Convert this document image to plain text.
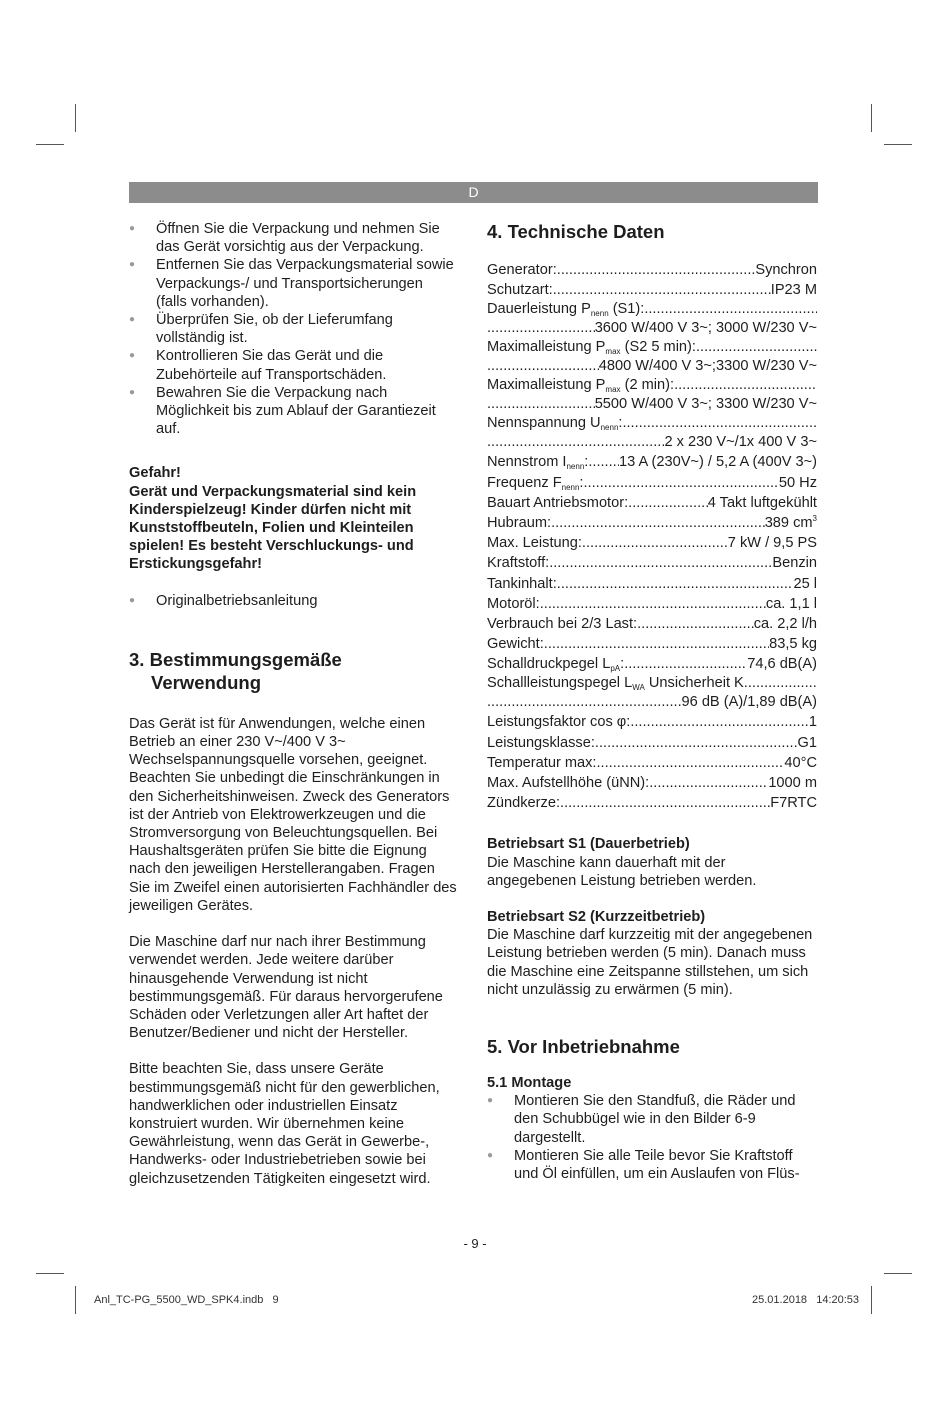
D
● Öffnen Sie die Verpackung und nehmen Sie das Gerät vorsichtig aus der Verpackung.
● Entfernen Sie das Verpackungsmaterial sowie Verpackungs-/ und Transportsicherungen (falls vorhanden).
● Überprüfen Sie, ob der Lieferumfang vollständig ist.
● Kontrollieren Sie das Gerät und die Zubehörteile auf Transportschäden.
● Bewahren Sie die Verpackung nach Möglichkeit bis zum Ablauf der Garantiezeit auf.

Gefahr!

Gerät und Verpackungsmaterial sind kein Kinderspielzeug! Kinder dürfen nicht mit Kunststoffbeuteln, Folien und Kleinteilen spielen! Es besteht Verschluckungs- und Erstickungsgefahr!

● Originalbetriebsanleitung
3. Bestimmungsgemäße
Verwendung

Das Gerät ist für Anwendungen, welche einen Betrieb an einer 230 V~/400 V 3~ Wechselspannungsquelle vorsehen, geeignet. Beachten Sie unbedingt die Einschränkungen in den Sicherheitshinweisen. Zweck des Generators ist der Antrieb von Elektrowerkzeugen und die Stromversorgung von Beleuchtungsquellen. Bei Haushaltsgeräten prüfen Sie bitte die Eignung nach den jeweiligen Herstellerangaben. Fragen Sie im Zweifel einen autorisierten Fachhändler des jeweiligen Gerätes.

Die Maschine darf nur nach ihrer Bestimmung verwendet werden. Jede weitere darüber hinausgehende Verwendung ist nicht bestimmungsgemäß. Für daraus hervorgerufene Schäden oder Verletzungen aller Art haftet der Benutzer/Bediener und nicht der Hersteller.

Bitte beachten Sie, dass unsere Geräte bestimmungsgemäß nicht für den gewerblichen, handwerklichen oder industriellen Einsatz konstruiert wurden. Wir übernehmen keine Gewährleistung, wenn das Gerät in Gewerbe-, Handwerks- oder Industriebetrieben sowie bei gleichzusetzenden Tätigkeiten eingesetzt wird.

4. Technische Daten
Generator: .....	Synchron
Schutzart: .....	IP23 M
Dauerleistung $P_{nenn}$ (S1):
.....
.....
3600 W/400 V 3~; 3000 W/230 V~
Maximalleistung $P_{max}$ (S2 5 min):
.....
.....
4800 W/400 V 3~;3300 W/230 V~
Maximalleistung $P_{max}$ (2 min):
.....
.....
5500 W/400 V 3~; 3300 W/230 V~
Nennspannung $U_{nenn}$:
.....
.....
2 x 230 V~/1x 400 V 3~
Nennstrom $I_{nenn}$: ..... 13 A (230V~) / 5,2 A (400V 3~)
Frequenz $F_{nenn}$: .....	50 Hz
Bauart Antriebsmotor: .....	4 Takt luftgekühlt
Hubraum: .....	389 $cm^3$
Max. Leistung: .....	7 kW / 9,5 PS
Kraftstoff: .....	Benzin
Tankinhalt: .....	25 l
Motoröl: .....	ca. 1,1 l
Verbrauch bei 2/3 Last: .....	ca. 2,2 l/h
Gewicht: .....	83,5 kg
Schalldruckpegel $L_{pA}$: .....	74,6 dB(A)
Schallleistungspegel $L_{WA}$ Unsicherheit K
.....
.....
96 dB (A)/1,89 dB(A)
Leistungsfaktor cos φ: .....	1
Leistungsklasse: .....	G1
Temperatur max: .....	40°C
Max. Aufstellhöhe (üNN): .....	1000 m
Zündkerze: .....	F7RTC

Betriebsart S1 (Dauerbetrieb)

Die Maschine kann dauerhaft mit der angegebenen Leistung betrieben werden.

Betriebsart S2 (Kurzzeitbetrieb)

Die Maschine darf kurzzeitig mit der angegebenen Leistung betrieben werden (5 min). Danach muss die Maschine eine Zeitspanne stillstehen, um sich nicht unzulässig zu erwärmen (5 min).

5. Vor Inbetriebnahme

5.1 Montage

● Montieren Sie den Standfuß, die Räder und den Schubbügel wie in den Bilder 6-9 dargestellt.
● Montieren Sie alle Teile bevor Sie Kraftstoff und Öl einfüllen, um ein Auslaufen von Flüs-
- 9 -
Anl_TC-PG_5500_WD_SPK4.indb   9	25.01.2018   14:20:53
